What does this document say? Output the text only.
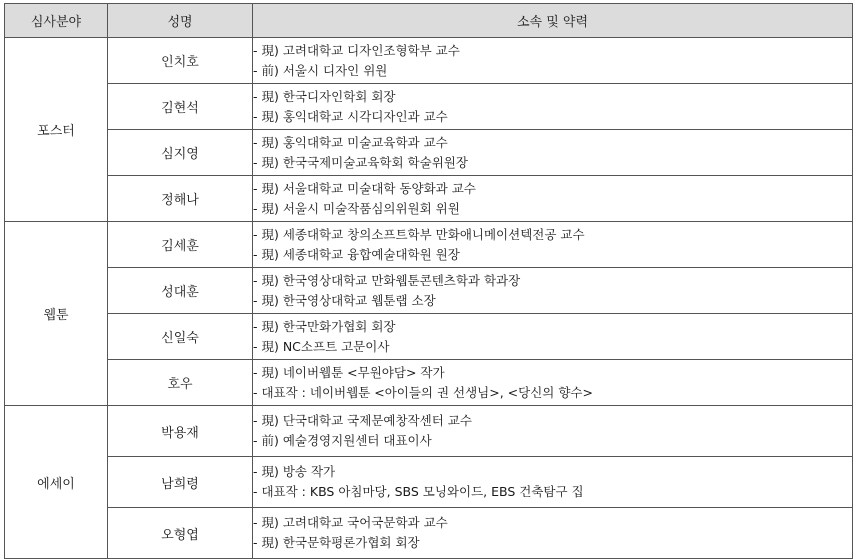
심사분야	성명	소속 및 약력
포스터	인치호	- 現) 고려대학교 디자인조형학부 교수
- 前) 서울시 디자인 위원

	김현석	- 現) 한국디자인학회 회장
- 現) 홍익대학교 시각디자인과 교수

	심지영	- 現) 홍익대학교 미술교육학과 교수
- 現) 한국국제미술교육학회 학술위원장

	정해나	- 現) 서울대학교 미술대학 동양화과 교수
- 現) 서울시 미술작품심의위원회 위원

웹툰	김세훈	- 現) 세종대학교 창의소프트학부 만화애니메이션텍전공 교수
- 現) 세종대학교 융합예술대학원 원장

	성대훈	- 現) 한국영상대학교 만화웹툰콘텐츠학과 학과장
- 現) 한국영상대학교 웹툰랩 소장

	신일숙	- 現) 한국만화가협회 회장
- 現) NC소프트 고문이사

	호우	- 現) 네이버웹툰 <무원야담> 작가
- 대표작 : 네이버웹툰 <아이들의 권 선생님>, <당신의 향수>

에세이	박용재	- 現) 단국대학교 국제문예창작센터 교수
- 前) 예술경영지원센터 대표이사

	남희령	- 現) 방송 작가
- 대표작 : KBS 아침마당, SBS 모닝와이드, EBS 건축탐구 집

	오형엽	- 現) 고려대학교 국어국문학과 교수
- 現) 한국문학평론가협회 회장
